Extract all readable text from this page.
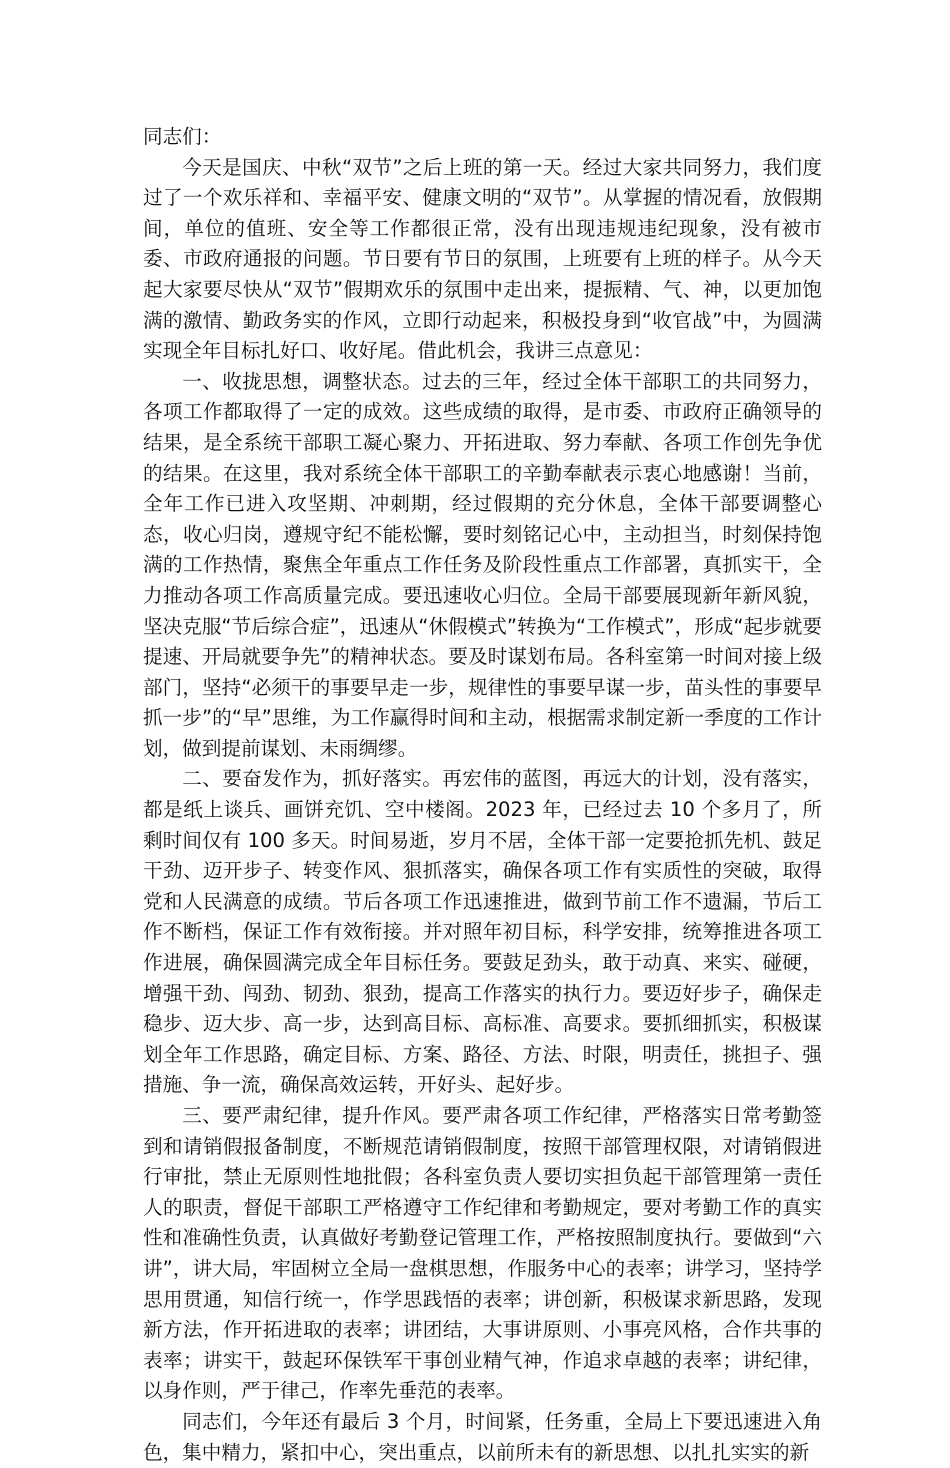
同志们：

今天是国庆、中秋“双节”之后上班的第一天。经过大家共同努力，我们度过了一个欢乐祥和、幸福平安、健康文明的“双节”。从掌握的情况看，放假期间，单位的值班、安全等工作都很正常，没有出现违规违纪现象，没有被市委、市政府通报的问题。节日要有节日的氛围，上班要有上班的样子。从今天起大家要尽快从“双节”假期欢乐的氛围中走出来，提振精、气、神，以更加饱满的激情、勤政务实的作风，立即行动起来，积极投身到“收官战”中，为圆满实现全年目标扎好口、收好尾。借此机会，我讲三点意见：

一、收拢思想，调整状态。过去的三年，经过全体干部职工的共同努力，各项工作都取得了一定的成效。这些成绩的取得，是市委、市政府正确领导的结果，是全系统干部职工凝心聚力、开拓进取、努力奉献、各项工作创先争优的结果。在这里，我对系统全体干部职工的辛勤奉献表示衷心地感谢！当前，全年工作已进入攻坚期、冲刺期，经过假期的充分休息，全体干部要调整心态，收心归岗，遵规守纪不能松懈，要时刻铭记心中，主动担当，时刻保持饱满的工作热情，聚焦全年重点工作任务及阶段性重点工作部署，真抓实干，全力推动各项工作高质量完成。要迅速收心归位。全局干部要展现新年新风貌，坚决克服“节后综合症”，迅速从“休假模式”转换为“工作模式”，形成“起步就要提速、开局就要争先”的精神状态。要及时谋划布局。各科室第一时间对接上级部门，坚持“必须干的事要早走一步，规律性的事要早谋一步，苗头性的事要早抓一步”的“早”思维，为工作赢得时间和主动，根据需求制定新一季度的工作计划，做到提前谋划、未雨绸缪。

二、要奋发作为，抓好落实。再宏伟的蓝图，再远大的计划，没有落实，都是纸上谈兵、画饼充饥、空中楼阁。2023 年，已经过去 10 个多月了，所剩时间仅有 100 多天。时间易逝，岁月不居，全体干部一定要抢抓先机、鼓足干劲、迈开步子、转变作风、狠抓落实，确保各项工作有实质性的突破，取得党和人民满意的成绩。节后各项工作迅速推进，做到节前工作不遗漏，节后工作不断档，保证工作有效衔接。并对照年初目标，科学安排，统筹推进各项工作进展，确保圆满完成全年目标任务。要鼓足劲头，敢于动真、来实、碰硬，增强干劲、闯劲、韧劲、狠劲，提高工作落实的执行力。要迈好步子，确保走稳步、迈大步、高一步，达到高目标、高标准、高要求。要抓细抓实，积极谋划全年工作思路，确定目标、方案、路径、方法、时限，明责任，挑担子、强措施、争一流，确保高效运转，开好头、起好步。

三、要严肃纪律，提升作风。要严肃各项工作纪律，严格落实日常考勤签到和请销假报备制度，不断规范请销假制度，按照干部管理权限，对请销假进行审批，禁止无原则性地批假；各科室负责人要切实担负起干部管理第一责任人的职责，督促干部职工严格遵守工作纪律和考勤规定，要对考勤工作的真实性和准确性负责，认真做好考勤登记管理工作，严格按照制度执行。要做到“六讲”，讲大局，牢固树立全局一盘棋思想，作服务中心的表率；讲学习，坚持学思用贯通，知信行统一，作学思践悟的表率；讲创新，积极谋求新思路，发现新方法，作开拓进取的表率；讲团结，大事讲原则、小事亮风格，合作共事的表率；讲实干，鼓起环保铁军干事创业精气神，作追求卓越的表率；讲纪律，以身作则，严于律己，作率先垂范的表率。

同志们，今年还有最后 3 个月，时间紧，任务重，全局上下要迅速进入角色，集中精力，紧扣中心，突出重点，以前所未有的新思想、以扎扎实实的新
